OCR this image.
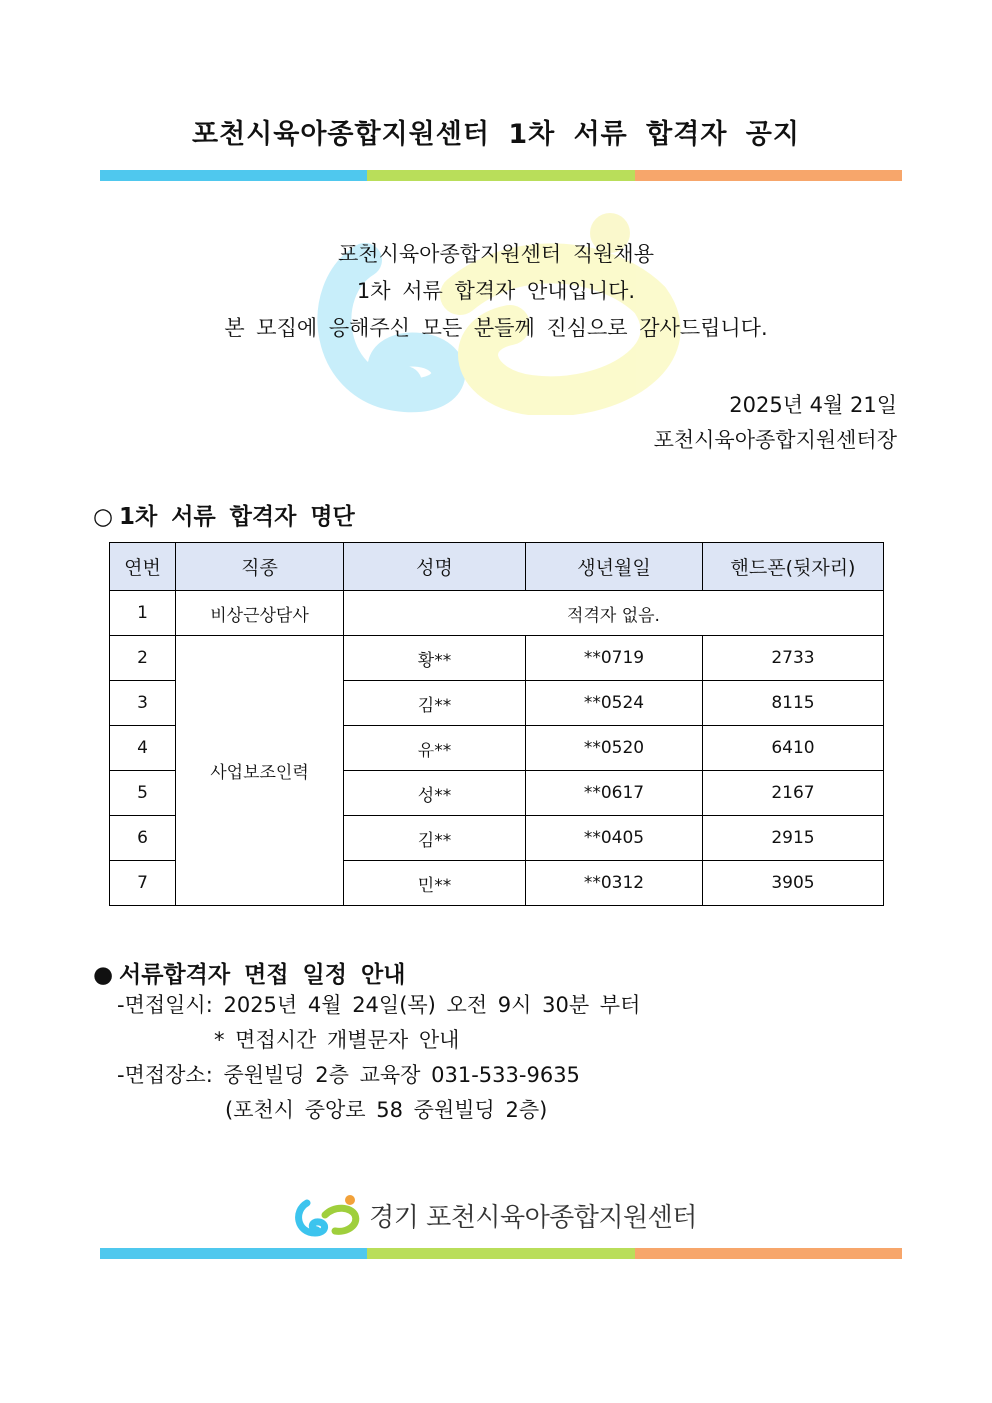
포천시육아종합지원센터 1차 서류 합격자 공지
포천시육아종합지원센터 직원채용
1차 서류 합격자 안내입니다.
본 모집에 응해주신 모든 분들께 진심으로 감사드립니다.
2025년 4월 21일
포천시육아종합지원센터장
○ 1차 서류 합격자 명단
연번	직종	성명	생년월일	핸드폰(뒷자리)
1	비상근상담사	적격자 없음.		
2	사업보조인력	황**	**0719	2733
3		김**	**0524	8115
4		유**	**0520	6410
5		성**	**0617	2167
6		김**	**0405	2915
7		민**	**0312	3905
● 서류합격자 면접 일정 안내
-면접일시: 2025년 4월 24일(목) 오전 9시 30분 부터
* 면접시간 개별문자 안내
-면접장소: 중원빌딩 2층 교육장 031-533-9635
(포천시 중앙로 58 중원빌딩 2층)
경기 포천시육아종합지원센터
